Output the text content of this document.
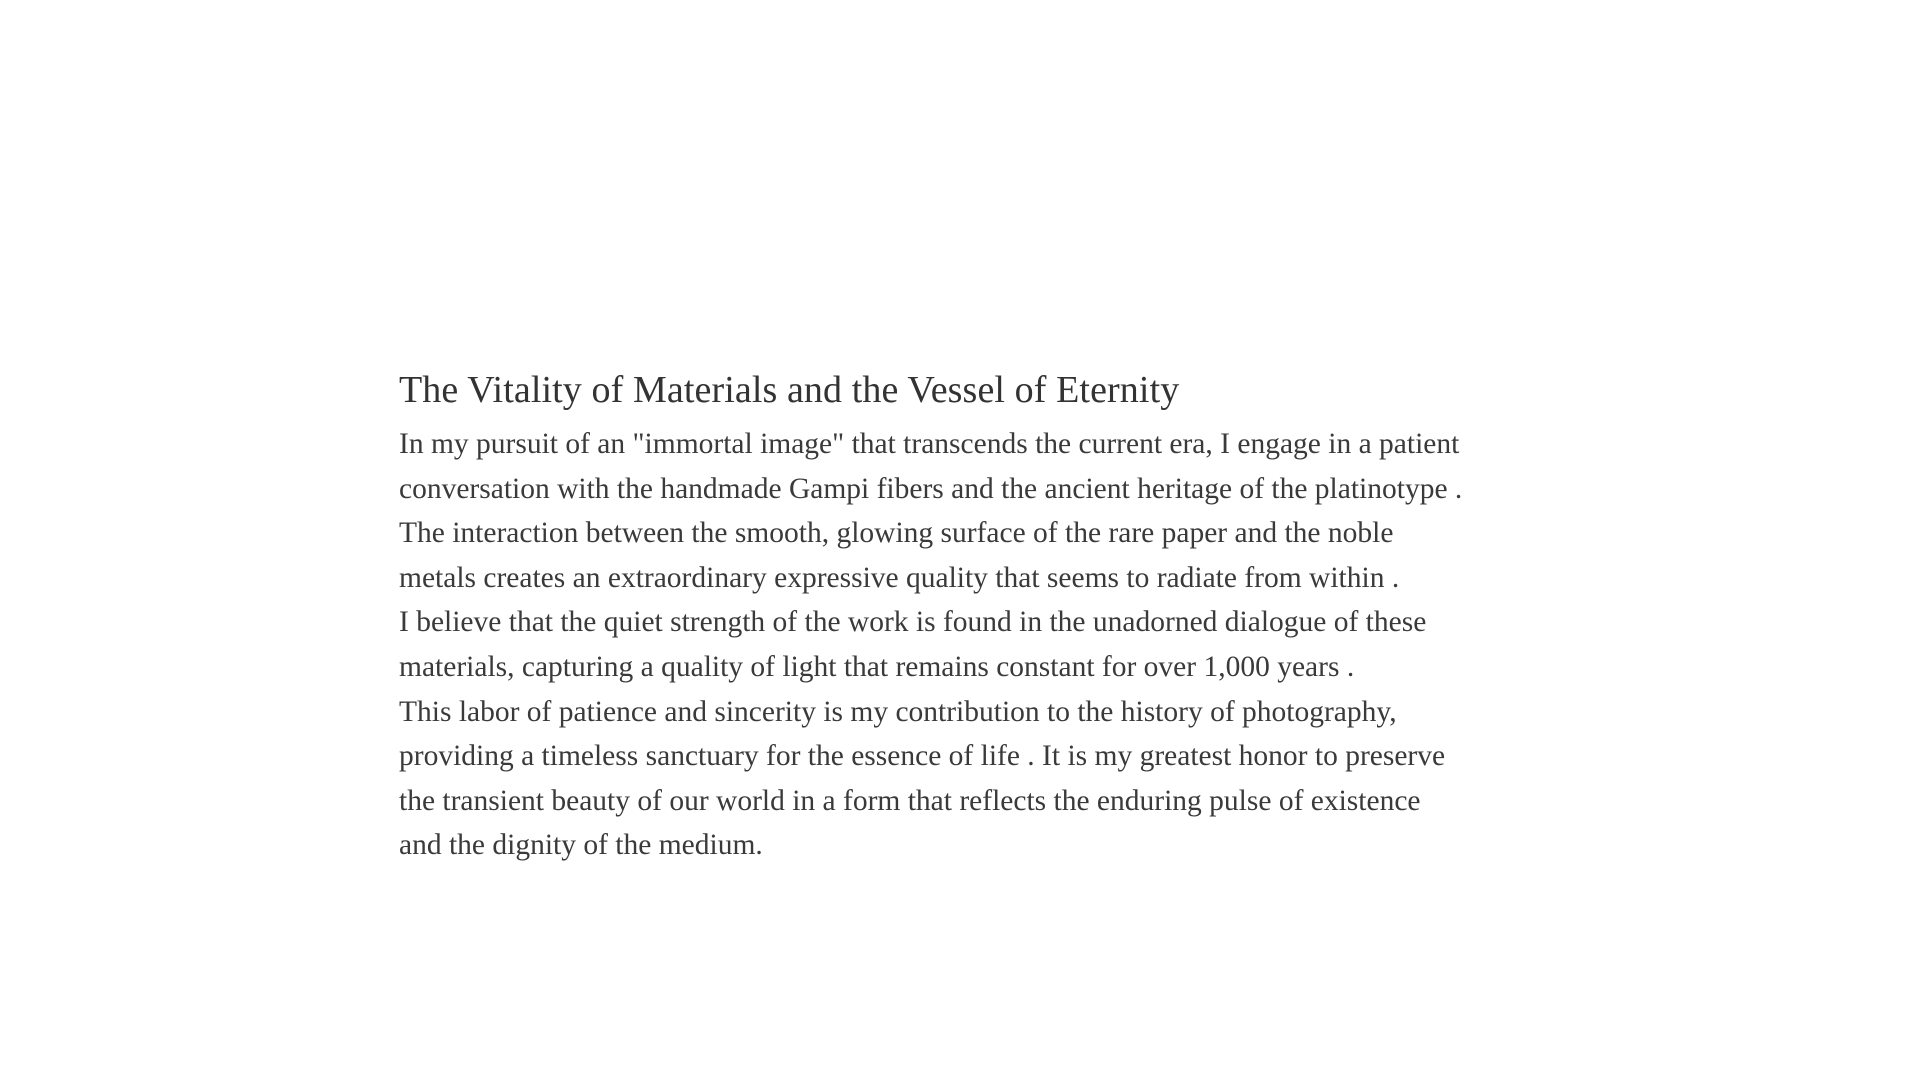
The Vitality of Materials and the Vessel of Eternity

In my pursuit of an "immortal image" that transcends the current era, I engage in a patient
conversation with the handmade Gampi fibers and the ancient heritage of the platinotype .
The interaction between the smooth, glowing surface of the rare paper and the noble
metals creates an extraordinary expressive quality that seems to radiate from within .
I believe that the quiet strength of the work is found in the unadorned dialogue of these
materials, capturing a quality of light that remains constant for over 1,000 years .
This labor of patience and sincerity is my contribution to the history of photography,
providing a timeless sanctuary for the essence of life . It is my greatest honor to preserve
the transient beauty of our world in a form that reflects the enduring pulse of existence
and the dignity of the medium.
